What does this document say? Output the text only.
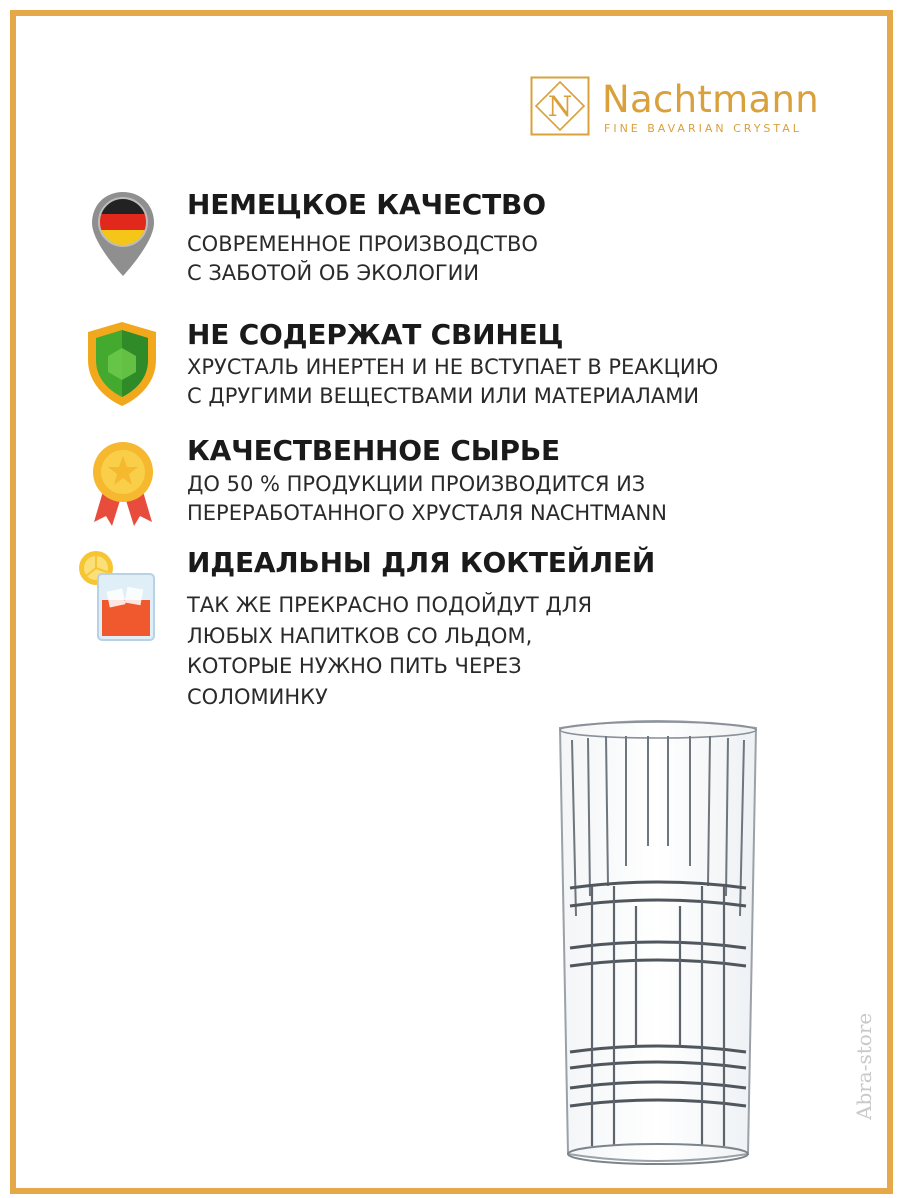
N Nachtmann
FINE BAVARIAN CRYSTAL
НЕМЕЦКОЕ КАЧЕСТВО
СОВРЕМЕННОЕ ПРОИЗВОДСТВО
С ЗАБОТОЙ ОБ ЭКОЛОГИИ
НЕ СОДЕРЖАТ СВИНЕЦ
ХРУСТАЛЬ ИНЕРТЕН И НЕ ВСТУПАЕТ В РЕАКЦИЮ
С ДРУГИМИ ВЕЩЕСТВАМИ ИЛИ МАТЕРИАЛАМИ
КАЧЕСТВЕННОЕ СЫРЬЕ
ДО 50 % ПРОДУКЦИИ ПРОИЗВОДИТСЯ ИЗ
ПЕРЕРАБОТАННОГО ХРУСТАЛЯ NACHTMANN
ИДЕАЛЬНЫ ДЛЯ КОКТЕЙЛЕЙ
ТАК ЖЕ ПРЕКРАСНО ПОДОЙДУТ ДЛЯ
ЛЮБЫХ НАПИТКОВ СО ЛЬДОМ,
КОТОРЫЕ НУЖНО ПИТЬ ЧЕРЕЗ
СОЛОМИНКУ
Abra-store
